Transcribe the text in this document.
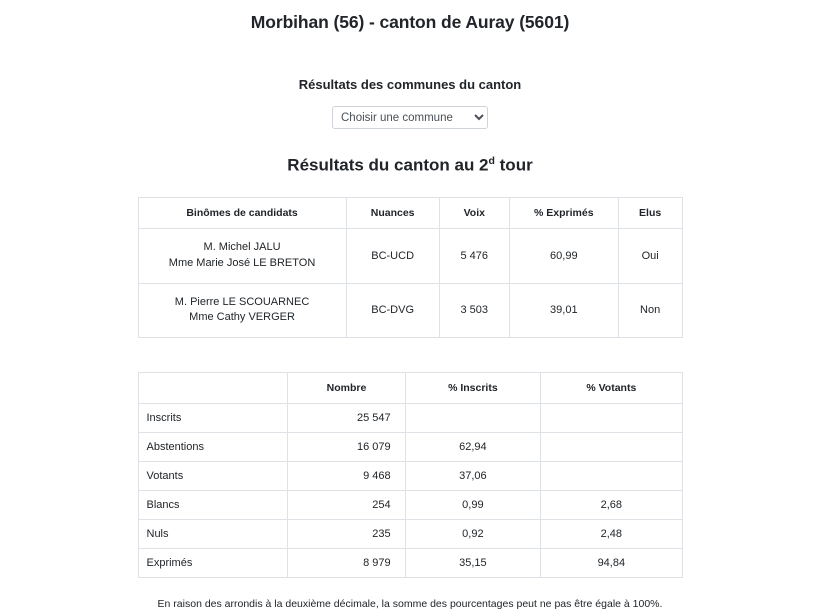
Morbihan (56) - canton de Auray (5601)
Résultats des communes du canton
Choisir une commune
Résultats du canton au 2$^d$ tour
Binômes de candidats	Nuances	Voix	% Exprimés	Elus
M. Michel JALU
Mme Marie José LE BRETON	BC-UCD	5 476	60,99	Oui
M. Pierre LE SCOUARNEC
Mme Cathy VERGER	BC-DVG	3 503	39,01	Non
	Nombre	% Inscrits	% Votants
Inscrits	25 547		
Abstentions	16 079	62,94	
Votants	9 468	37,06	
Blancs	254	0,99	2,68
Nuls	235	0,92	2,48
Exprimés	8 979	35,15	94,84
En raison des arrondis à la deuxième décimale, la somme des pourcentages peut ne pas être égale à 100%.
